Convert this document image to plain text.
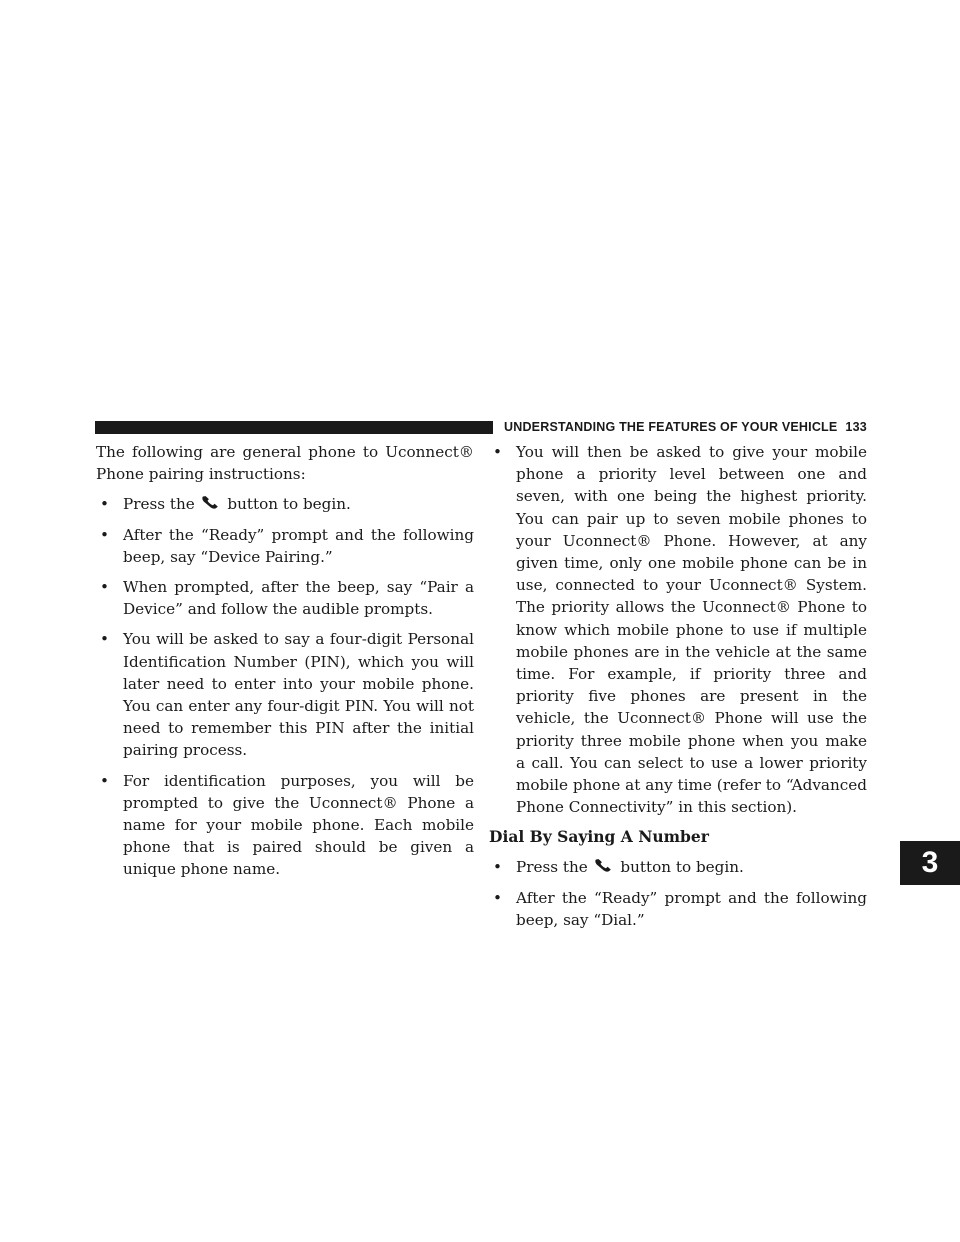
UNDERSTANDING THE FEATURES OF YOUR VEHICLE 133
3

The following are general phone to Uconnect® Phone pairing instructions:

• Press the button to begin.
• After the “Ready” prompt and the following beep, say “Device Pairing.”
• When prompted, after the beep, say “Pair a Device” and follow the audible prompts.
• You will be asked to say a four-digit Personal Identification Number (PIN), which you will later need to enter into your mobile phone. You can enter any four-digit PIN. You will not need to remember this PIN after the initial pairing process.
• For identification purposes, you will be prompted to give the Uconnect® Phone a name for your mobile phone. Each mobile phone that is paired should be given a unique phone name.
• You will then be asked to give your mobile phone a priority level between one and seven, with one being the highest priority. You can pair up to seven mobile phones to your Uconnect® Phone. However, at any given time, only one mobile phone can be in use, connected to your Uconnect® System. The priority allows the Uconnect® Phone to know which mobile phone to use if multiple mobile phones are in the vehicle at the same time. For example, if priority three and priority five phones are present in the vehicle, the Uconnect® Phone will use the priority three mobile phone when you make a call. You can select to use a lower priority mobile phone at any time (refer to “Advanced Phone Connectivity” in this section).
Dial By Saying A Number
• Press the button to begin.
• After the “Ready” prompt and the following beep, say “Dial.”
